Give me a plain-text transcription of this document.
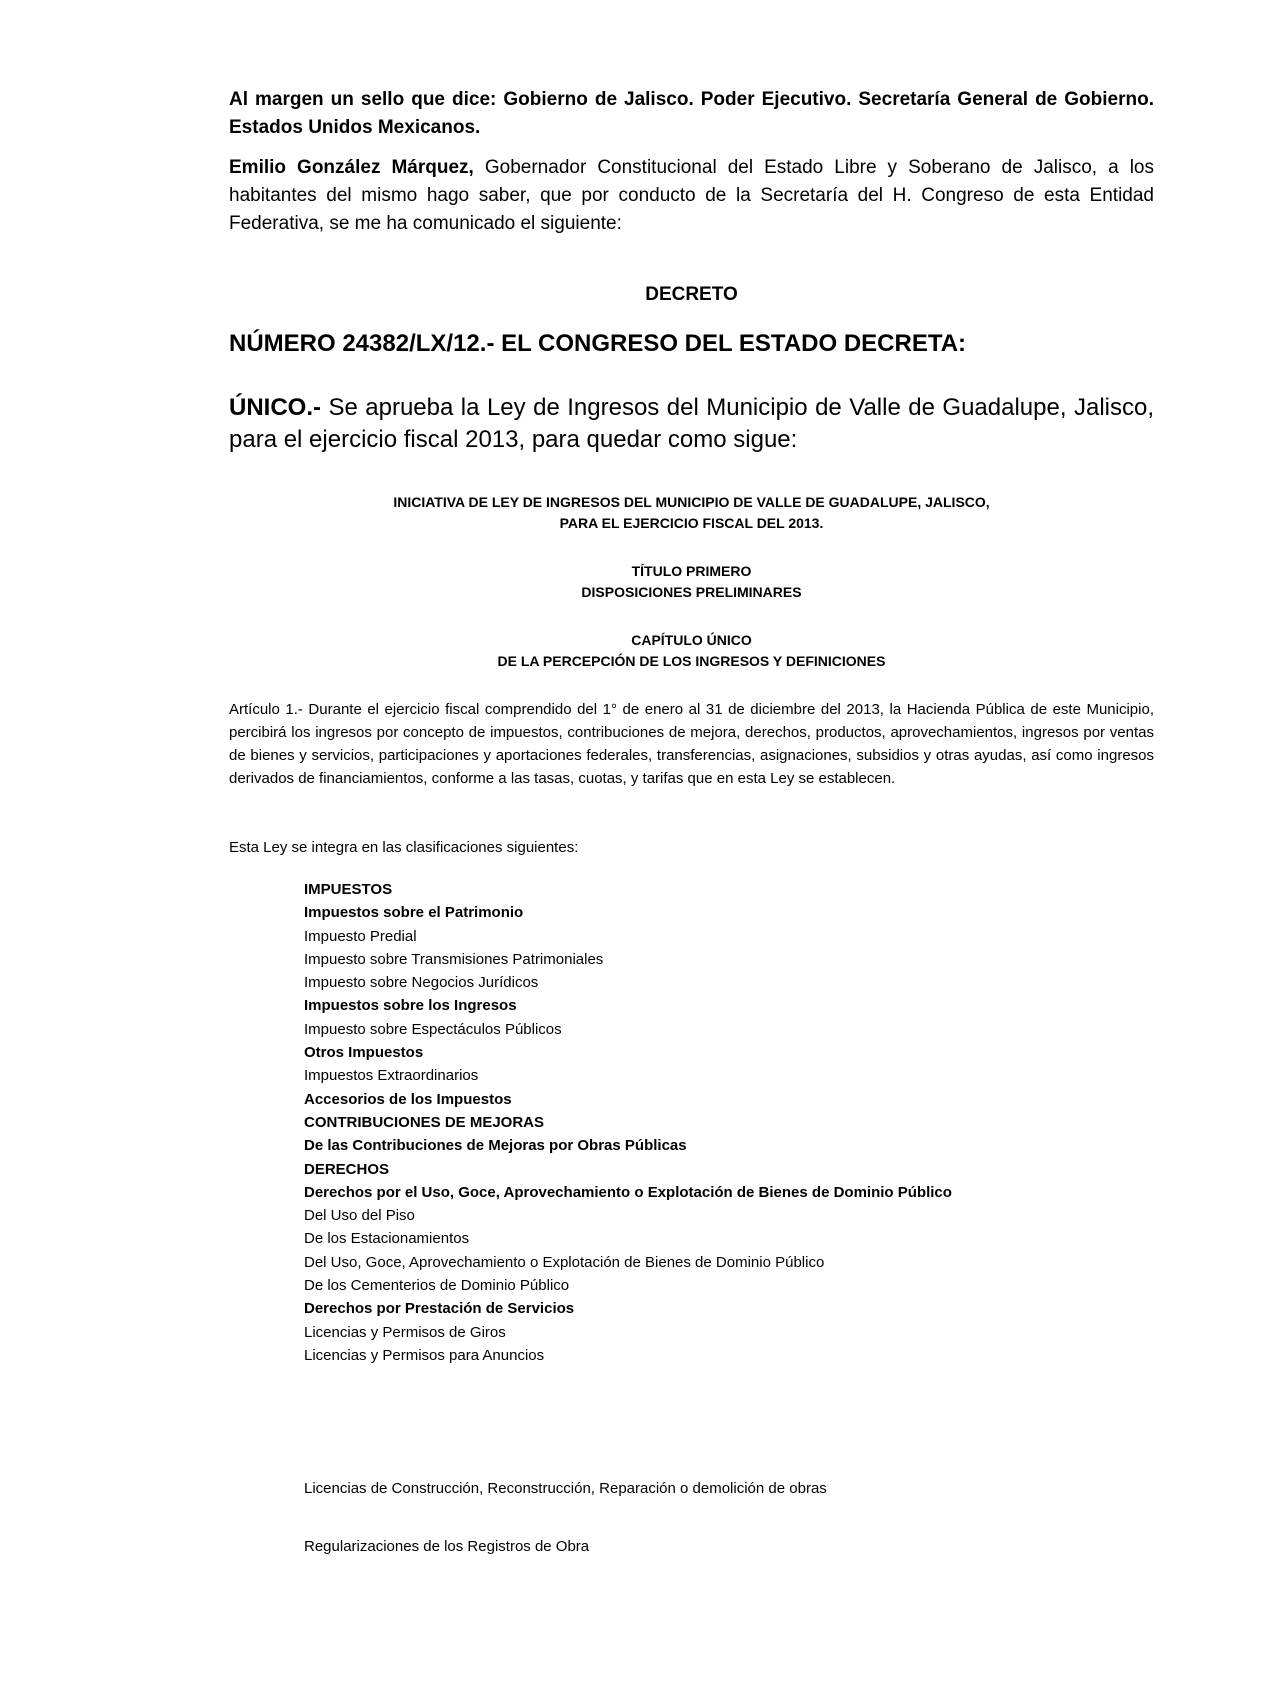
Al margen un sello que dice: Gobierno de Jalisco. Poder Ejecutivo. Secretaría General de Gobierno. Estados Unidos Mexicanos.
Emilio González Márquez, Gobernador Constitucional del Estado Libre y Soberano de Jalisco, a los habitantes del mismo hago saber, que por conducto de la Secretaría del H. Congreso de esta Entidad Federativa, se me ha comunicado el siguiente:
DECRETO
NÚMERO 24382/LX/12.- EL CONGRESO DEL ESTADO DECRETA:
ÚNICO.- Se aprueba la Ley de Ingresos del Municipio de Valle de Guadalupe, Jalisco, para el ejercicio fiscal 2013, para quedar como sigue:
INICIATIVA DE LEY DE INGRESOS DEL MUNICIPIO DE VALLE DE GUADALUPE, JALISCO,
PARA EL EJERCICIO FISCAL DEL 2013.
TÍTULO PRIMERO
DISPOSICIONES PRELIMINARES
CAPÍTULO ÚNICO
DE LA PERCEPCIÓN DE LOS INGRESOS Y DEFINICIONES
Artículo 1.- Durante el ejercicio fiscal comprendido del 1° de enero al 31 de diciembre del 2013, la Hacienda Pública de este Municipio, percibirá los ingresos por concepto de impuestos, contribuciones de mejora, derechos, productos, aprovechamientos, ingresos por ventas de bienes y servicios, participaciones y aportaciones federales, transferencias, asignaciones, subsidios y otras ayudas, así como ingresos derivados de financiamientos, conforme a las tasas, cuotas, y tarifas que en esta Ley se establecen.
Esta Ley se integra en las clasificaciones siguientes:
IMPUESTOS
Impuestos sobre el Patrimonio
Impuesto Predial
Impuesto sobre Transmisiones Patrimoniales
Impuesto sobre Negocios Jurídicos
Impuestos sobre los Ingresos
Impuesto sobre Espectáculos Públicos
Otros Impuestos
Impuestos Extraordinarios
Accesorios de los Impuestos
CONTRIBUCIONES DE MEJORAS
De las Contribuciones de Mejoras por Obras Públicas
DERECHOS
Derechos por el Uso, Goce, Aprovechamiento o Explotación de Bienes de Dominio Público
Del Uso del Piso
De los Estacionamientos
Del Uso, Goce, Aprovechamiento o Explotación de Bienes de Dominio Público
De los Cementerios de Dominio Público
Derechos por Prestación de Servicios
Licencias y Permisos de Giros
Licencias y Permisos para Anuncios
Licencias de Construcción, Reconstrucción, Reparación o demolición de obras
Regularizaciones de los Registros de Obra
